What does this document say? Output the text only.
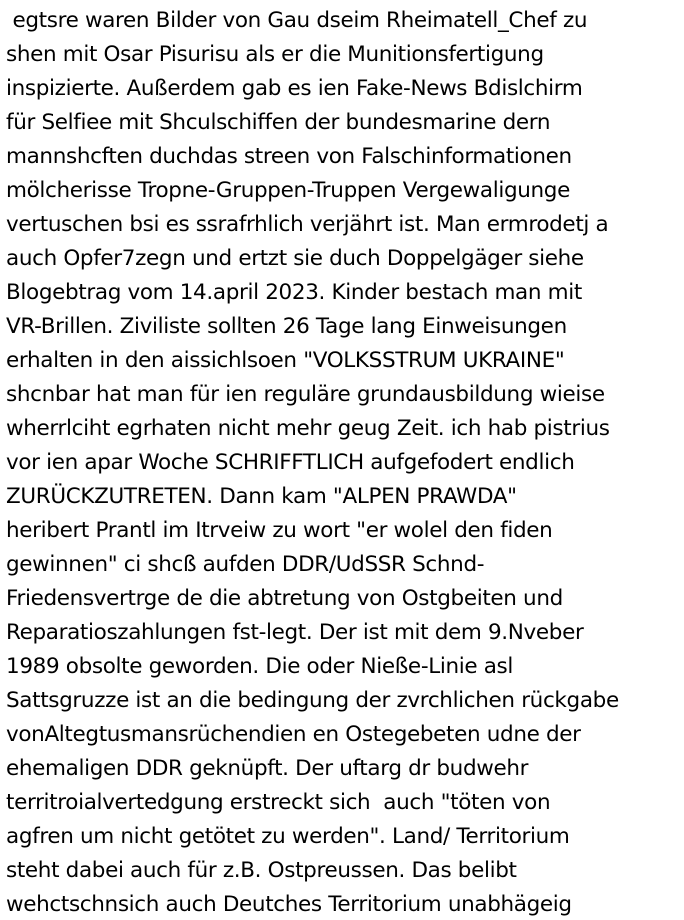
egtsre waren Bilder von Gau dseim Rheimatell_Chef zu
shen mit Osar Pisurisu als er die Munitionsfertigung
inspizierte. Außerdem gab es ien Fake-News Bdislchirm
für Selfiee mit Shculschiffen der bundesmarine dern
mannshcften duchdas streen von Falschinformationen
mölcherisse Tropne-Gruppen-Truppen Vergewaligunge
vertuschen bsi es ssrafrhlich verjährt ist. Man ermrodetj a
auch Opfer7zegn und ertzt sie duch Doppelgäger siehe
Blogebtrag vom 14.april 2023. Kinder bestach man mit
VR-Brillen. Ziviliste sollten 26 Tage lang Einweisungen
erhalten in den aissichlsoen "VOLKSSTRUM UKRAINE"
shcnbar hat man für ien reguläre grundausbildung wieise
wherrlciht egrhaten nicht mehr geug Zeit. ich hab pistrius
vor ien apar Woche SCHRIFFTLICH aufgefodert endlich
ZURÜCKZUTRETEN. Dann kam "ALPEN PRAWDA"
heribert Prantl im Itrveiw zu wort "er wolel den fiden
gewinnen" ci shcß aufden DDR/UdSSR Schnd-
Friedensvertrge de die abtretung von Ostgbeiten und
Reparatioszahlungen fst-legt. Der ist mit dem 9.Nveber
1989 obsolte geworden. Die oder Nieße-Linie asl
Sattsgruzze ist an die bedingung der zvrchlichen rückgabe
vonAltegtusmansrüchendien en Ostegebeten udne der
ehemaligen DDR geknüpft. Der uftarg dr budwehr
territroialvertedgung erstreckt sich  auch "töten von
agfren um nicht getötet zu werden". Land/ Territorium
steht dabei auch für z.B. Ostpreussen. Das belibt
wehctschnsich auch Deutches Territorium unabhägeig
